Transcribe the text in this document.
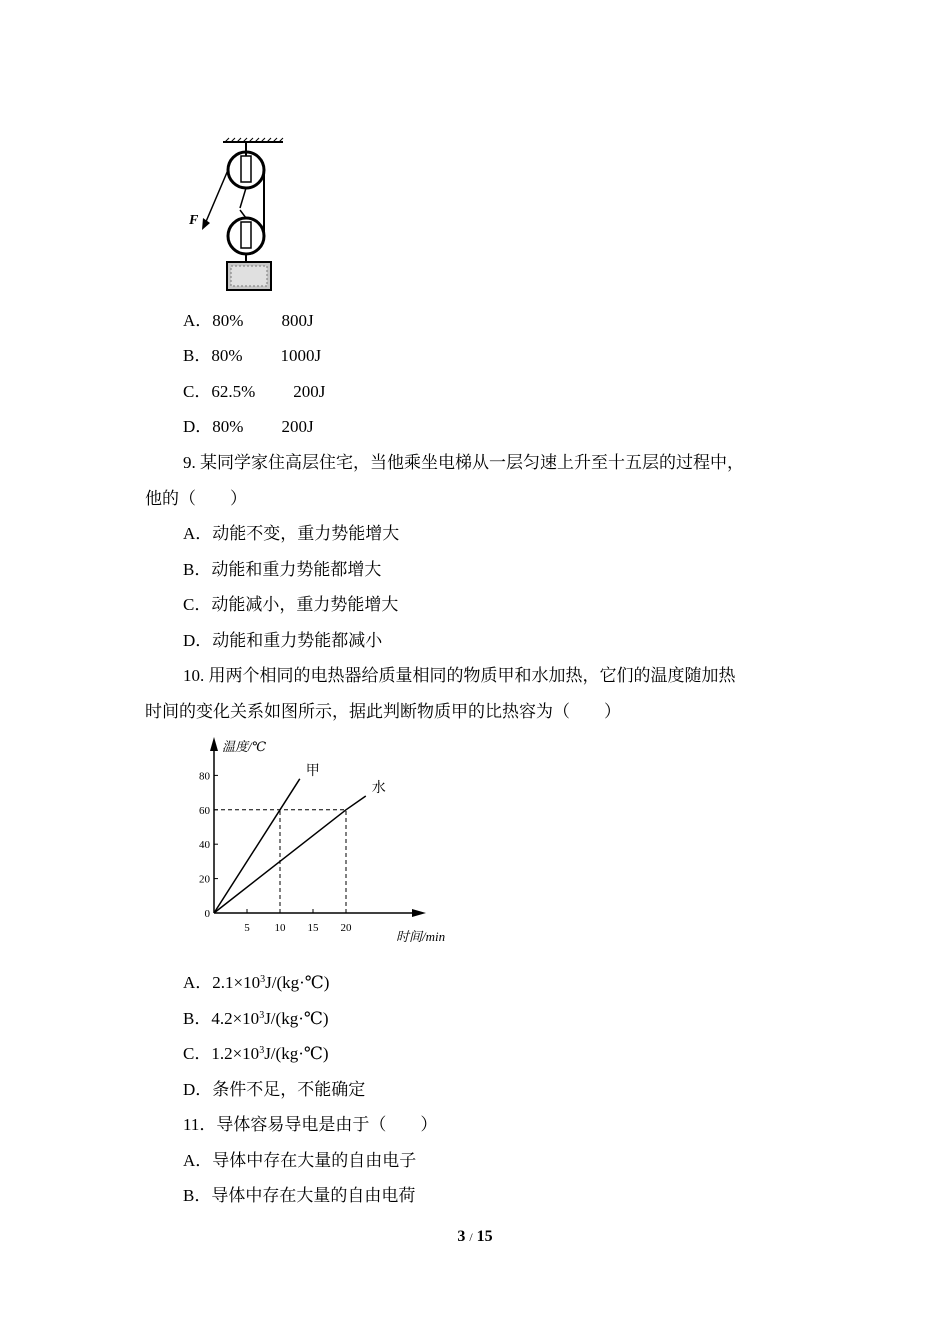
F
A．80% 800J
B．80% 1000J
C．62.5% 200J
D．80% 200J
9. 某同学家住高层住宅，当他乘坐电梯从一层匀速上升至十五层的过程中，
他的（　　）
A．动能不变，重力势能增大
B．动能和重力势能都增大
C．动能减小，重力势能增大
D．动能和重力势能都减小
10. 用两个相同的电热器给质量相同的物质甲和水加热，它们的温度随加热
时间的变化关系如图所示，据此判断物质甲的比热容为（　　）
温度/℃
时间/min
0
20
40
60
80
5 10 15 20
甲
水
A．$2.1\times 10^3J/(kg\cdot℃)$
B．$4.2\times 10^3J/(kg\cdot℃)$
C．$1.2\times 10^3J/(kg\cdot℃)$
D．条件不足，不能确定
11．导体容易导电是由于（　　）
A．导体中存在大量的自由电子
B．导体中存在大量的自由电荷
3 / 15
